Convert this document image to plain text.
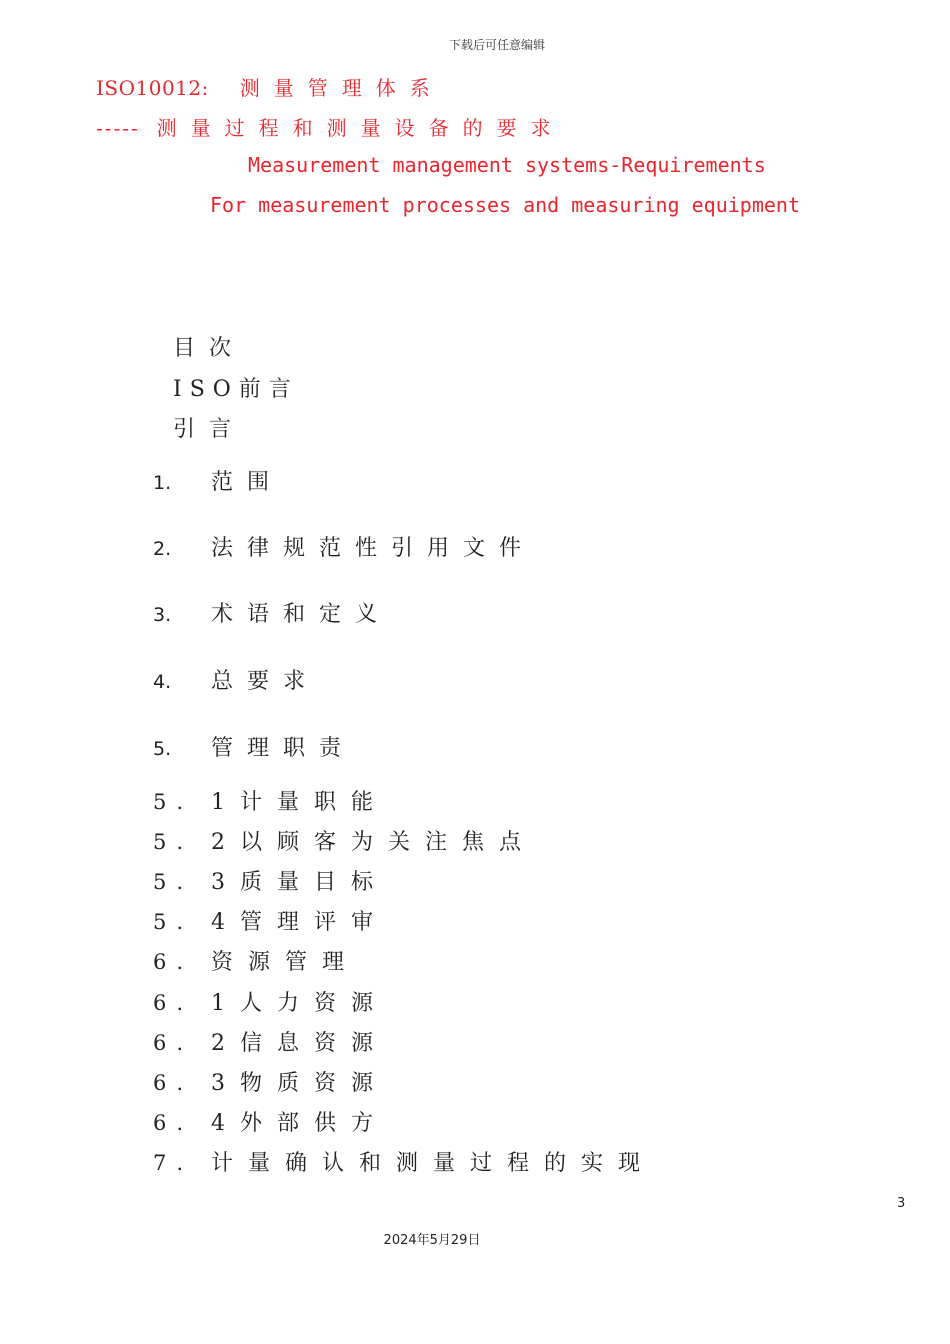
下载后可任意编辑
ISO10012: 测量管理体系
----- 测量过程和测量设备的要求
Measurement management systems-Requirements
For measurement processes and measuring equipment
目次
ISO前言
引言
1. 范围
2. 法律规范性引用文件
3. 术语和定义
4. 总要求
5. 管理职责
5. 1计量职能
5. 2以顾客为关注焦点
5. 3质量目标
5. 4管理评审
6. 资源管理
6. 1人力资源
6. 2信息资源
6. 3物质资源
6. 4外部供方
7. 计量确认和测量过程的实现
3
2024年5月29日
